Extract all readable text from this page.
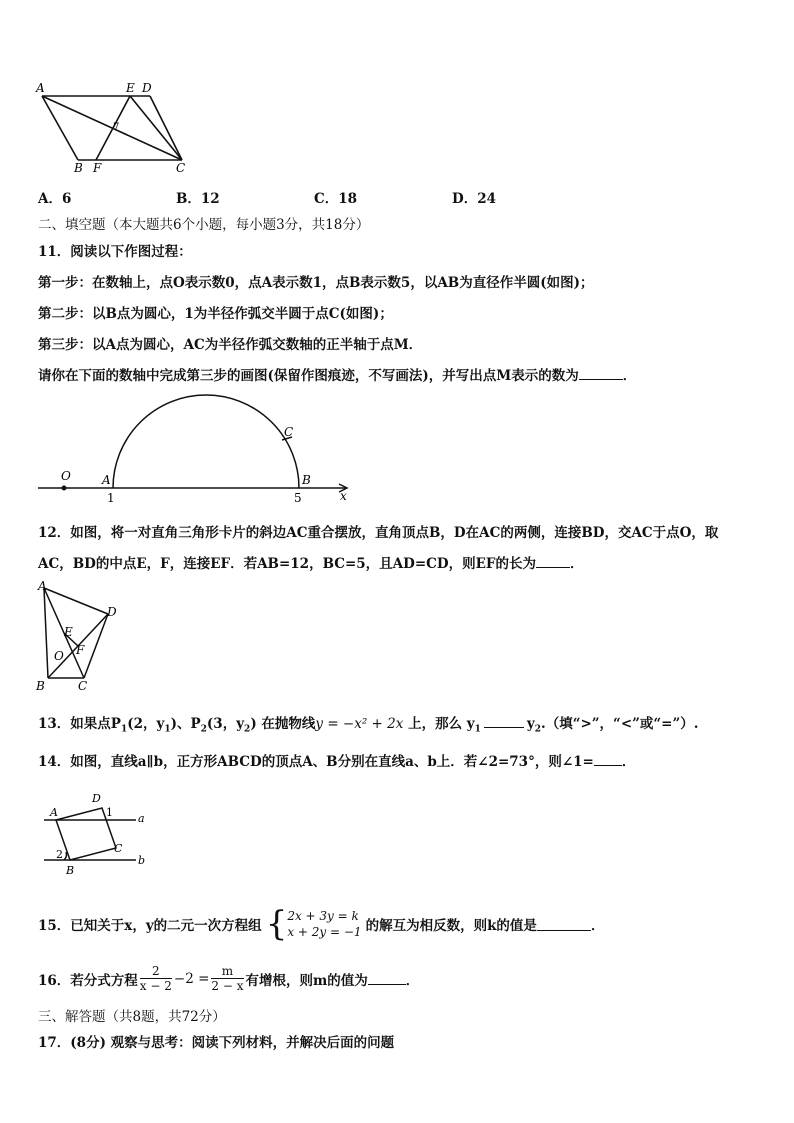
A	E D
B F	C
7
A．6	B．12	C．18	D．24
二、填空题（本大题共6个小题，每小题3分，共18分）
11．阅读以下作图过程：
第一步：在数轴上，点O表示数0，点A表示数1，点B表示数5，以AB为直径作半圆(如图)；
第二步：以B点为圆心，1为半径作弧交半圆于点C(如图)；
第三步：以A点为圆心，AC为半径作弧交数轴的正半轴于点M．
请你在下面的数轴中完成第三步的画图(保留作图痕迹，不写画法)，并写出点M表示的数为	．
O	A
1
B
5
C
x
12．如图，将一对直角三角形卡片的斜边AC重合摆放，直角顶点B，D在AC的两侧，连接BD，交AC于点O，取
AC，BD的中点E，F，连接EF．若AB=12，BC=5，且AD=CD，则EF的长为	．
A
D
E
O F
B	C
13．如果点$P_1(2$，$y_1$)、$P_2(3$，$y_2$) 在抛物线y = −x² + 2x 上，那么 $y_1$	$y_2$.（填“>”，“<”或“=”）.
14．如图，直线a∥b，正方形ABCD的顶点A、B分别在直线a、b上．若∠2=73°，则∠1= ．
A
D
1 a
2	C
B
b
15．已知关于x，y的二元一次方程组 { 2x + 3y = k
x + 2y = −1 的解互为相反数，则k的值是	．
16．若分式方程 $\frac{2}{x - 2} -2 = \frac{m}{2 - x}$ 有增根，则m的值为	．
三、解答题（共8题，共72分）
17．(8分) 观察与思考：阅读下列材料，并解决后面的问题
